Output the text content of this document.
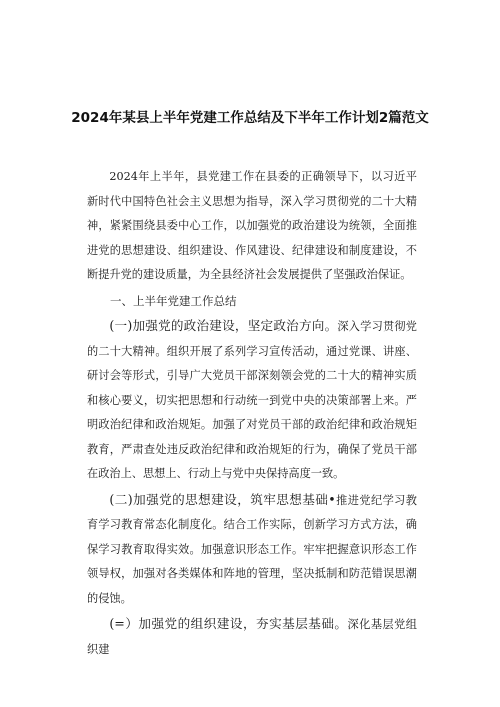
2024年某县上半年党建工作总结及下半年工作计划2篇范文

2024年上半年，县党建工作在县委的正确领导下，以习近平新时代中国特色社会主义思想为指导，深入学习贯彻党的二十大精神，紧紧围绕县委中心工作，以加强党的政治建设为统领，全面推进党的思想建设、组织建设、作风建设、纪律建设和制度建设，不断提升党的建设质量，为全县经济社会发展提供了坚强政治保证。

一、上半年党建工作总结

(一)加强党的政治建设，坚定政治方向。深入学习贯彻党的二十大精神。组织开展了系列学习宣传活动，通过党课、讲座、研讨会等形式，引导广大党员干部深刻领会党的二十大的精神实质和核心要义，切实把思想和行动统一到党中央的决策部署上来。严明政治纪律和政治规矩。加强了对党员干部的政治纪律和政治规矩教育，严肃查处违反政治纪律和政治规矩的行为，确保了党员干部在政治上、思想上、行动上与党中央保持高度一致。

(二)加强党的思想建设，筑牢思想基础•推进党纪学习教育学习教育常态化制度化。结合工作实际，创新学习方式方法，确保学习教育取得实效。加强意识形态工作。牢牢把握意识形态工作领导权，加强对各类媒体和阵地的管理，坚决抵制和防范错误思潮的侵蚀。

(=）加强党的组织建设，夯实基层基础。深化基层党组织建
